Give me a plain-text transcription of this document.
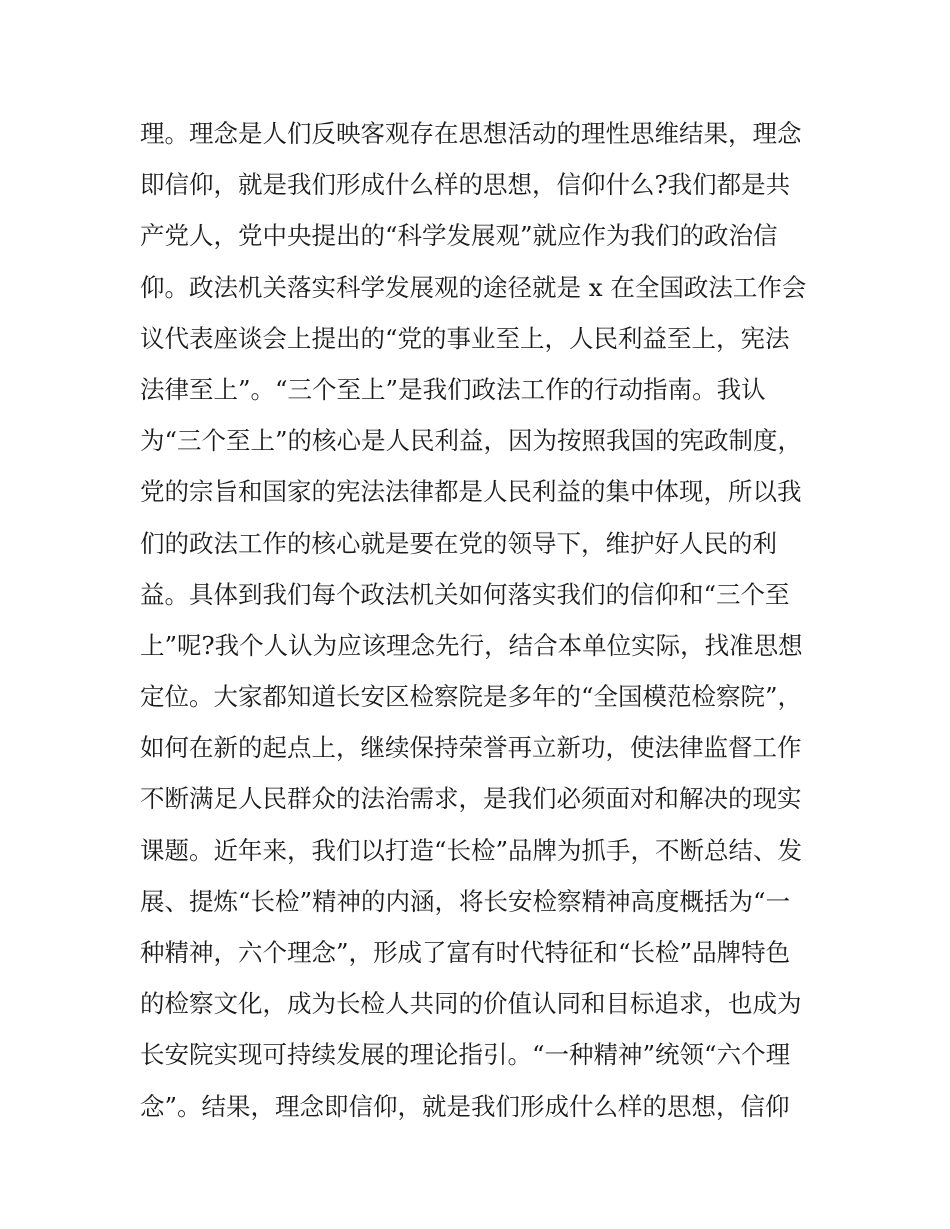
理。理念是人们反映客观存在思想活动的理性思维结果，理念
即信仰，就是我们形成什么样的思想，信仰什么?我们都是共
产党人，党中央提出的“科学发展观”就应作为我们的政治信
仰。政法机关落实科学发展观的途径就是 x 在全国政法工作会
议代表座谈会上提出的“党的事业至上，人民利益至上，宪法
法律至上”。“三个至上”是我们政法工作的行动指南。我认
为“三个至上”的核心是人民利益，因为按照我国的宪政制度，
党的宗旨和国家的宪法法律都是人民利益的集中体现，所以我
们的政法工作的核心就是要在党的领导下，维护好人民的利
益。具体到我们每个政法机关如何落实我们的信仰和“三个至
上”呢?我个人认为应该理念先行，结合本单位实际，找准思想
定位。大家都知道长安区检察院是多年的“全国模范检察院”，
如何在新的起点上，继续保持荣誉再立新功，使法律监督工作
不断满足人民群众的法治需求，是我们必须面对和解决的现实
课题。近年来，我们以打造“长检”品牌为抓手，不断总结、发
展、提炼“长检”精神的内涵，将长安检察精神高度概括为“一
种精神，六个理念”，形成了富有时代特征和“长检”品牌特色
的检察文化，成为长检人共同的价值认同和目标追求，也成为
长安院实现可持续发展的理论指引。“一种精神”统领“六个理
念”。结果，理念即信仰，就是我们形成什么样的思想，信仰
